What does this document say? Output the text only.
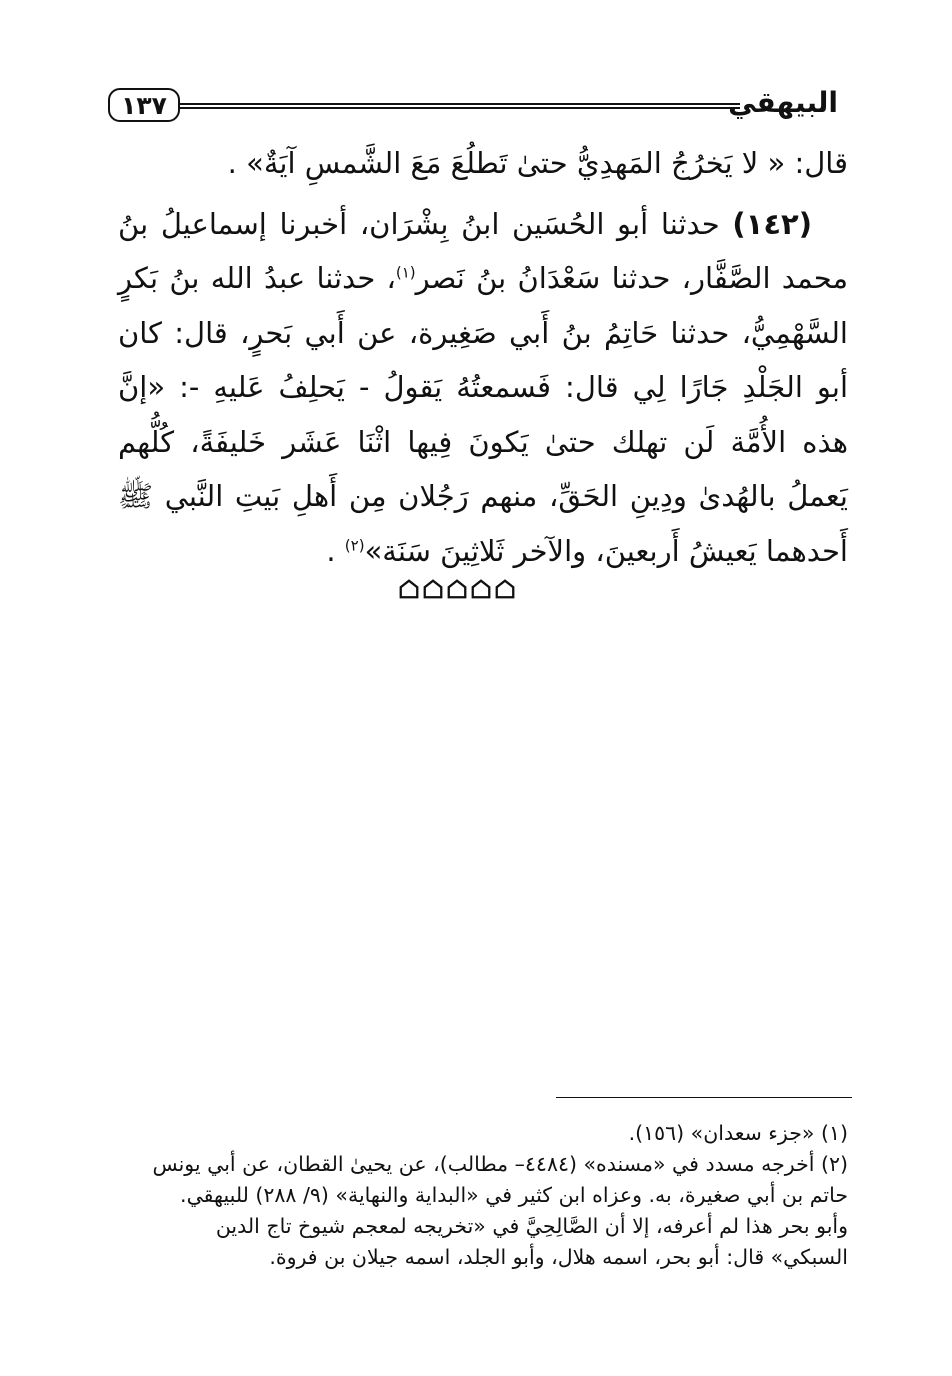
١٣٧	البيهقي

قال: « لا يَخرُجُ المَهدِيُّ حتىٰ تَطلُعَ مَعَ الشَّمسِ آيَةٌ» .

(١٤٢) حدثنا أبو الحُسَين ابنُ بِشْرَان، أخبرنا إسماعيلُ بنُ محمد الصَّفَّار، حدثنا سَعْدَانُ بنُ نَصر$^{(١)}$، حدثنا عبدُ الله بنُ بَكرٍ السَّهْمِيُّ، حدثنا حَاتِمُ بنُ أَبي صَغِيرة، عن أَبي بَحرٍ، قال: كان أبو الجَلْدِ جَارًا لِي قال: فَسمعتُهُ يَقولُ - يَحلِفُ عَليهِ -: «إنَّ هذه الأُمَّة لَن تهلك حتىٰ يَكونَ فِيها اثْنَا عَشَر خَليفَةً، كُلُّهم يَعملُ بالهُدىٰ ودِينِ الحَقِّ، منهم رَجُلان مِن أَهلِ بَيتِ النَّبي ﷺ أَحدهما يَعيشُ أَربعينَ، والآخر ثَلاثِينَ سَنَة»$^{(٢)}$ .

(١) «جزء سعدان» (١٥٦).

(٢) أخرجه مسدد في «مسنده» (٤٤٨٤– مطالب)، عن يحيىٰ القطان، عن أبي يونس

حاتم بن أبي صغيرة، به. وعزاه ابن كثير في «البداية والنهاية» (٩/ ٢٨٨) للبيهقي.

وأبو بحر هذا لم أعرفه، إلا أن الصَّالِحِيَّ في «تخريجه لمعجم شيوخ تاج الدين

السبكي» قال: أبو بحر، اسمه هلال، وأبو الجلد، اسمه جيلان بن فروة.
